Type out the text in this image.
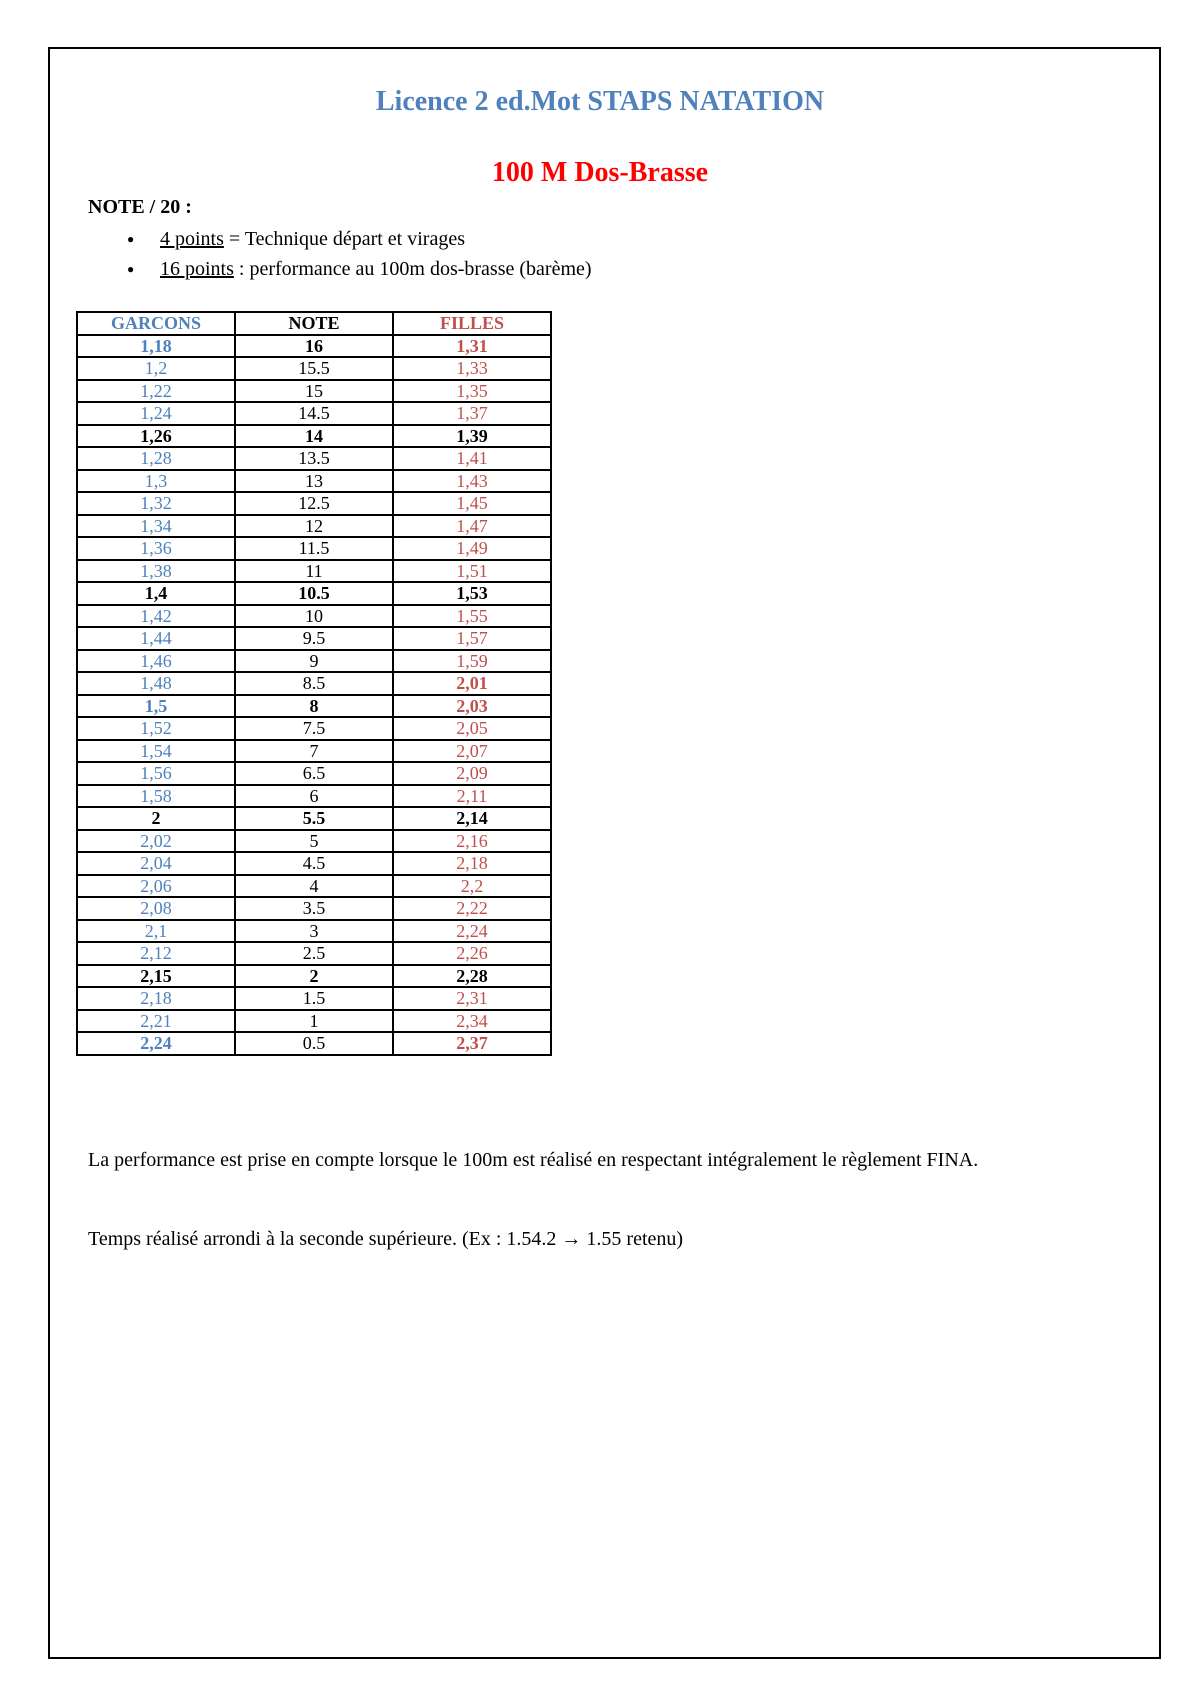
Licence 2 ed.Mot STAPS NATATION
100 M Dos-Brasse
NOTE / 20 :
● 4 points = Technique départ et virages
● 16 points : performance au 100m dos-brasse (barème)
GARCONS	NOTE	FILLES
1,18	16	1,31
1,2	15.5	1,33
1,22	15	1,35
1,24	14.5	1,37
1,26	14	1,39
1,28	13.5	1,41
1,3	13	1,43
1,32	12.5	1,45
1,34	12	1,47
1,36	11.5	1,49
1,38	11	1,51
1,4	10.5	1,53
1,42	10	1,55
1,44	9.5	1,57
1,46	9	1,59
1,48	8.5	2,01
1,5	8	2,03
1,52	7.5	2,05
1,54	7	2,07
1,56	6.5	2,09
1,58	6	2,11
2	5.5	2,14
2,02	5	2,16
2,04	4.5	2,18
2,06	4	2,2
2,08	3.5	2,22
2,1	3	2,24
2,12	2.5	2,26
2,15	2	2,28
2,18	1.5	2,31
2,21	1	2,34
2,24	0.5	2,37

La performance est prise en compte lorsque le 100m est réalisé en respectant intégralement le règlement FINA.

Temps réalisé arrondi à la seconde supérieure. (Ex : 1.54.2 → 1.55 retenu)
